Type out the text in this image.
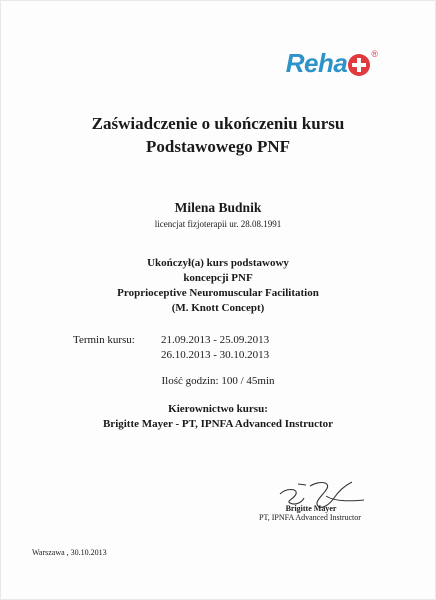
Reha	®
Zaświadczenie o ukończeniu kursu
Podstawowego PNF
Milena Budnik
licencjat fizjoterapii ur. 28.08.1991
Ukończył(a) kurs podstawowy
koncepcji PNF
Proprioceptive Neuromuscular Facilitation
(M. Knott Concept)
Termin kursu: 21.09.2013 - 25.09.2013
26.10.2013 - 30.10.2013
Ilość godzin: 100 / 45min
Kierownictwo kursu:
Brigitte Mayer - PT, IPNFA Advanced Instructor
Brigitte Mayer
PT, IPNFA Advanced Instructor
Warszawa , 30.10.2013
